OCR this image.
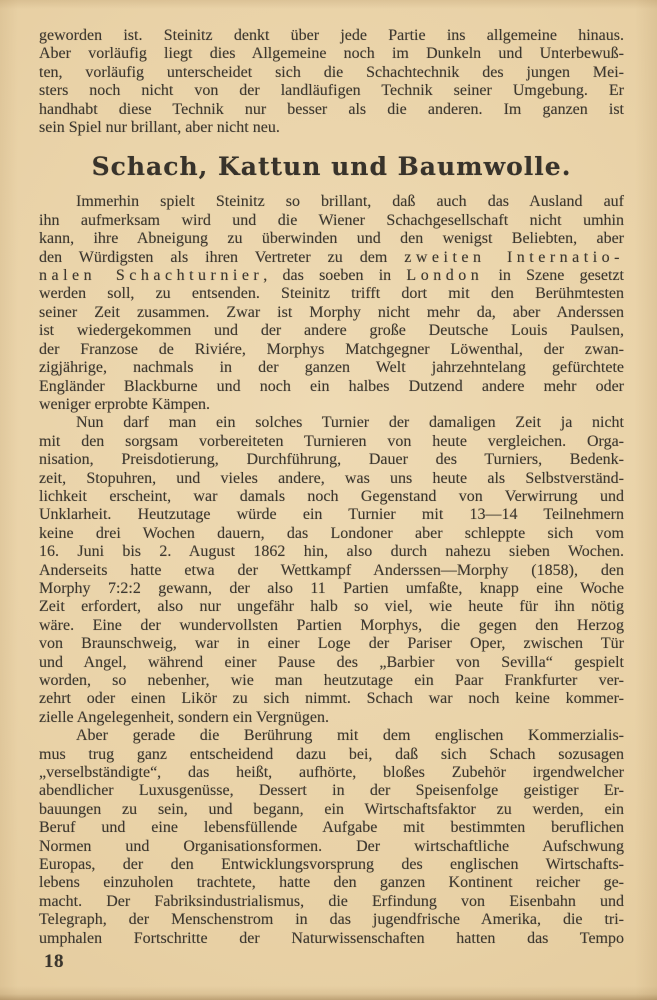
geworden ist. Steinitz denkt über jede Partie ins allgemeine hinaus.
Aber vorläufig liegt dies Allgemeine noch im Dunkeln und Unterbewuß-
ten, vorläufig unterscheidet sich die Schachtechnik des jungen Mei-
sters noch nicht von der landläufigen Technik seiner Umgebung. Er
handhabt diese Technik nur besser als die anderen. Im ganzen ist
sein Spiel nur brillant, aber nicht neu.
Schach, Kattun und Baumwolle.
Immerhin spielt Steinitz so brillant, daß auch das Ausland auf
ihn aufmerksam wird und die Wiener Schachgesellschaft nicht umhin
kann, ihre Abneigung zu überwinden und den wenigst Beliebten, aber
den Würdigsten als ihren Vertreter zu dem zweiten Internatio-
nalen Schachturnier, das soeben in London in Szene gesetzt
werden soll, zu entsenden. Steinitz trifft dort mit den Berühmtesten
seiner Zeit zusammen. Zwar ist Morphy nicht mehr da, aber Anderssen
ist wiedergekommen und der andere große Deutsche Louis Paulsen,
der Franzose de Riviére, Morphys Matchgegner Löwenthal, der zwan-
zigjährige, nachmals in der ganzen Welt jahrzehntelang gefürchtete
Engländer Blackburne und noch ein halbes Dutzend andere mehr oder
weniger erprobte Kämpen.
Nun darf man ein solches Turnier der damaligen Zeit ja nicht
mit den sorgsam vorbereiteten Turnieren von heute vergleichen. Orga-
nisation, Preisdotierung, Durchführung, Dauer des Turniers, Bedenk-
zeit, Stopuhren, und vieles andere, was uns heute als Selbstverständ-
lichkeit erscheint, war damals noch Gegenstand von Verwirrung und
Unklarheit. Heutzutage würde ein Turnier mit 13—14 Teilnehmern
keine drei Wochen dauern, das Londoner aber schleppte sich vom
16. Juni bis 2. August 1862 hin, also durch nahezu sieben Wochen.
Anderseits hatte etwa der Wettkampf Anderssen—Morphy (1858), den
Morphy 7:2:2 gewann, der also 11 Partien umfaßte, knapp eine Woche
Zeit erfordert, also nur ungefähr halb so viel, wie heute für ihn nötig
wäre. Eine der wundervollsten Partien Morphys, die gegen den Herzog
von Braunschweig, war in einer Loge der Pariser Oper, zwischen Tür
und Angel, während einer Pause des „Barbier von Sevilla“ gespielt
worden, so nebenher, wie man heutzutage ein Paar Frankfurter ver-
zehrt oder einen Likör zu sich nimmt. Schach war noch keine kommer-
zielle Angelegenheit, sondern ein Vergnügen.
Aber gerade die Berührung mit dem englischen Kommerzialis-
mus trug ganz entscheidend dazu bei, daß sich Schach sozusagen
„verselbständigte“, das heißt, aufhörte, bloßes Zubehör irgendwelcher
abendlicher Luxusgenüsse, Dessert in der Speisenfolge geistiger Er-
bauungen zu sein, und begann, ein Wirtschaftsfaktor zu werden, ein
Beruf und eine lebensfüllende Aufgabe mit bestimmten beruflichen
Normen und Organisationsformen. Der wirtschaftliche Aufschwung
Europas, der den Entwicklungsvorsprung des englischen Wirtschafts-
lebens einzuholen trachtete, hatte den ganzen Kontinent reicher ge-
macht. Der Fabriksindustrialismus, die Erfindung von Eisenbahn und
Telegraph, der Menschenstrom in das jugendfrische Amerika, die tri-
umphalen Fortschritte der Naturwissenschaften hatten das Tempo
18
